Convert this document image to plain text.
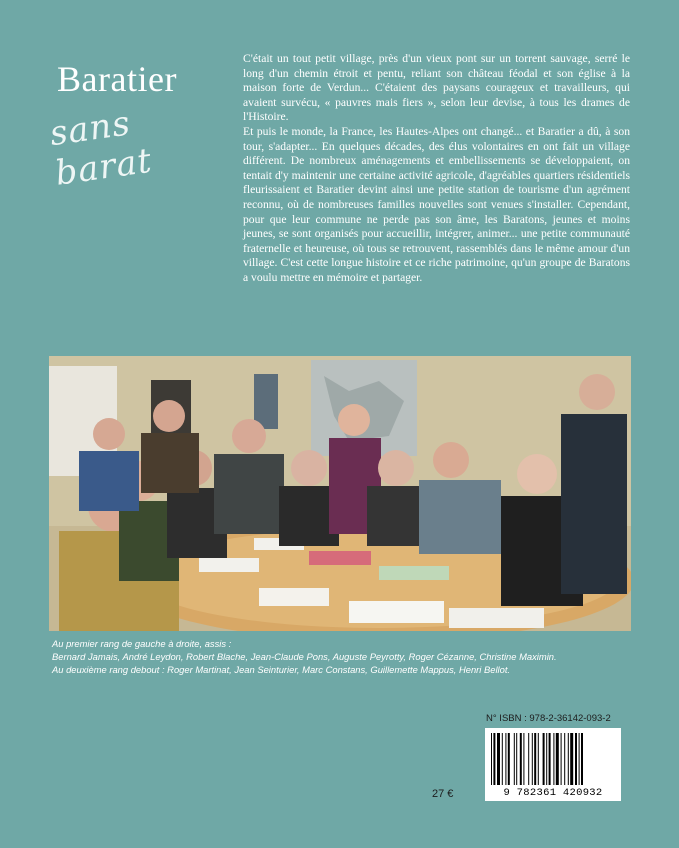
Baratier
sans barat

C'était un tout petit village, près d'un vieux pont sur un torrent sauvage, serré le long d'un chemin étroit et pentu, reliant son château féodal et son église à la maison forte de Verdun... C'étaient des paysans courageux et travailleurs, qui avaient survécu, « pauvres mais fiers », selon leur devise, à tous les drames de l'Histoire.

Et puis le monde, la France, les Hautes-Alpes ont changé... et Baratier a dû, à son tour, s'adapter... En quelques décades, des élus volontaires en ont fait un village différent. De nombreux aménagements et embellissements se développaient, on tentait d'y maintenir une certaine activité agricole, d'agréables quartiers résidentiels fleurissaient et Baratier devint ainsi une petite station de tourisme d'un agrément reconnu, où de nombreuses familles nouvelles sont venues s'installer. Cependant, pour que leur commune ne perde pas son âme, les Baratons, jeunes et moins jeunes, se sont organisés pour accueillir, intégrer, animer... une petite communauté fraternelle et heureuse, où tous se retrouvent, rassemblés dans le même amour d'un village. C'est cette longue histoire et ce riche patrimoine, qu'un groupe de Baratons a voulu mettre en mémoire et partager.

Au premier rang de gauche à droite, assis :
Bernard Jamais, André Leydon, Robert Blache, Jean-Claude Pons, Auguste Peyrotty, Roger Cézanne, Christine Maximin.
Au deuxième rang debout : Roger Martinat, Jean Seinturier, Marc Constans, Guillemette Mappus, Henri Bellot.
N° ISBN : 978-2-36142-093-2
9 782361 420932
27 €
